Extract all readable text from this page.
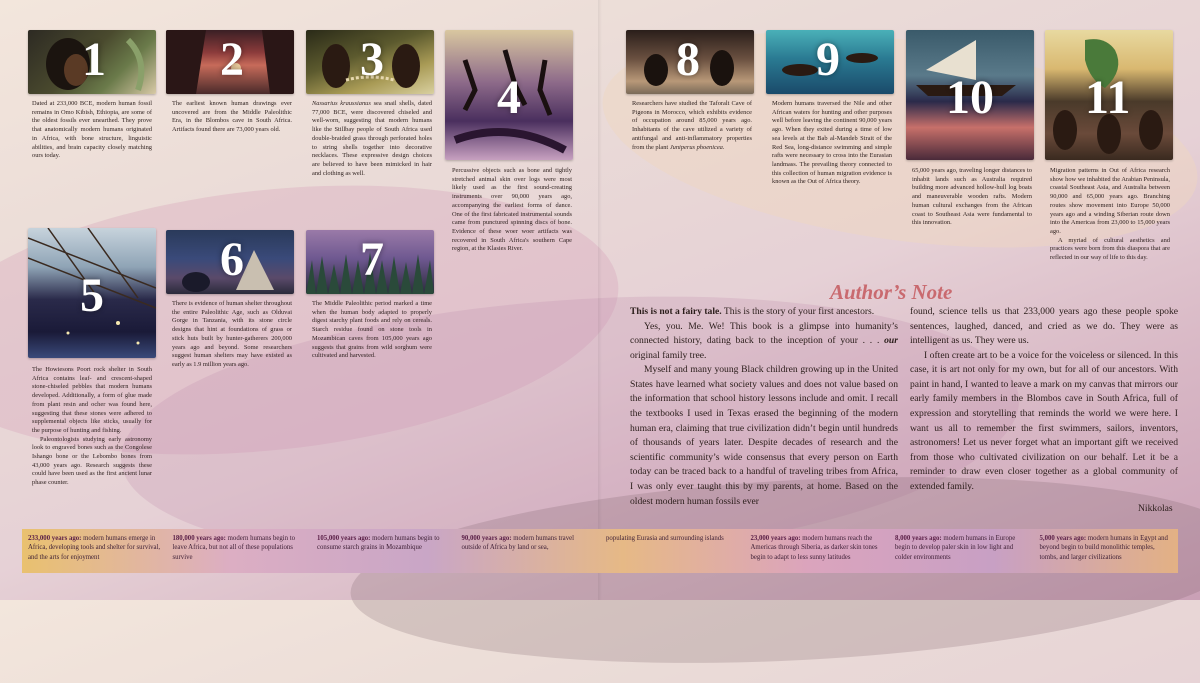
1

Dated at 233,000 BCE, modern human fossil remains in Omo Kibish, Ethiopia, are some of the oldest fossils ever unearthed. They prove that anatomically modern humans originated in Africa, with bone structure, linguistic abilities, and brain capacity closely matching ours today.

2

The earliest known human drawings ever uncovered are from the Middle Paleolithic Era, in the Blombos cave in South Africa. Artifacts found there are 73,000 years old.

3

Nassarius kraussianus sea snail shells, dated 77,000 BCE, were discovered chiseled and well-worn, suggesting that modern humans like the Stillbay people of South Africa used double-braided grass through perforated holes to string shells together into decorative necklaces. These expressive design choices are believed to have been mimicked in hair and clothing as well.

4

Percussive objects such as bone and tightly stretched animal skin over logs were most likely used as the first sound-creating instruments over 90,000 years ago, accompanying the earliest forms of dance. One of the first fabricated instrumental sounds came from punctured spinning discs of bone. Evidence of these woer woer artifacts was recovered in South Africa's southern Cape region, at the Klasies River.

5

The Howiesons Poort rock shelter in South Africa contains leaf- and crescent-shaped stone-chiseled pebbles that modern humans developed. Additionally, a form of glue made from plant resin and ocher was found here, suggesting that these stones were adhered to supplemental objects like sticks, usually for the purpose of hunting and fishing.

Paleontologists studying early astronomy look to engraved bones such as the Congolese Ishango bone or the Lebombo bones from 43,000 years ago. Research suggests these could have been used as the first ancient lunar phase counter.

6

There is evidence of human shelter throughout the entire Paleolithic Age, such as Olduvai Gorge in Tanzania, with its stone circle designs that hint at foundations of grass or stick huts built by hunter-gatherers 200,000 years ago and beyond. Some researchers suggest human shelters may have existed as early as 1.9 million years ago.

7

The Middle Paleolithic period marked a time when the human body adapted to properly digest starchy plant foods and rely on cereals. Starch residue found on stone tools in Mozambican caves from 105,000 years ago suggests that grains from wild sorghum were cultivated and harvested.

8

Researchers have studied the Taforalt Cave of Pigeons in Morocco, which exhibits evidence of occupation around 85,000 years ago. Inhabitants of the cave utilized a variety of antifungal and anti-inflammatory properties from the plant Juniperus phoenicea.

9

Modern humans traversed the Nile and other African waters for hunting and other purposes well before leaving the continent 90,000 years ago. When they exited during a time of low sea levels at the Bab al-Mandeb Strait of the Red Sea, long-distance swimming and simple rafts were necessary to cross into the Eurasian landmass. The prevailing theory connected to this collection of human migration evidence is known as the Out of Africa theory.

10

65,000 years ago, traveling longer distances to inhabit lands such as Australia required building more advanced hollow-hull log boats and maneuverable wooden rafts. Modern human cultural exchanges from the African coast to Southeast Asia were fundamental to this innovation.

11

Migration patterns in Out of Africa research show how we inhabited the Arabian Peninsula, coastal Southeast Asia, and Australia between 90,000 and 65,000 years ago. Branching routes show movement into Europe 50,000 years ago and a winding Siberian route down into the Americas from 23,000 to 15,000 years ago.

A myriad of cultural aesthetics and practices were born from this diaspora that are reflected in our way of life to this day.

Author’s Note

This is not a fairy tale. This is the story of your first ancestors.

Yes, you. Me. We! This book is a glimpse into humanity’s connected history, dating back to the inception of your . . . our original family tree.

Myself and many young Black children growing up in the United States have learned what society values and does not value based on the information that school history lessons include and omit. I recall the textbooks I used in Texas erased the beginning of the modern human era, claiming that true civilization didn’t begin until hundreds of thousands of years later. Despite decades of research and the scientific community’s wide consensus that every person on Earth today can be traced back to a handful of traveling tribes from Africa, I was only ever taught this by my parents, at home. Based on the oldest modern human fossils ever

found, science tells us that 233,000 years ago these people spoke sentences, laughed, danced, and cried as we do. They were as intelligent as us. They were us.

I often create art to be a voice for the voiceless or silenced. In this case, it is art not only for my own, but for all of our ancestors. With paint in hand, I wanted to leave a mark on my canvas that mirrors our early family members in the Blombos cave in South Africa, full of expression and storytelling that reminds the world we were here. I want us all to remember the first swimmers, sailors, inventors, astronomers! Let us never forget what an important gift we received from those who cultivated civilization on our behalf. Let it be a reminder to draw even closer together as a global community of extended family.

Nikkolas
233,000 years ago: modern humans emerge in Africa, developing tools and shelter for survival, and the arts for enjoyment
180,000 years ago: modern humans begin to leave Africa, but not all of these populations survive
105,000 years ago: modern humans begin to consume starch grains in Mozambique
90,000 years ago: modern humans travel outside of Africa by land or sea,
populating Eurasia and surrounding islands	23,000 years ago: modern humans reach the Americas through Siberia, as darker skin tones begin to adapt to less sunny latitudes
8,000 years ago: modern humans in Europe begin to develop paler skin in low light and colder environments
5,000 years ago: modern humans in Egypt and beyond begin to build monolithic temples, tombs, and larger civilizations
